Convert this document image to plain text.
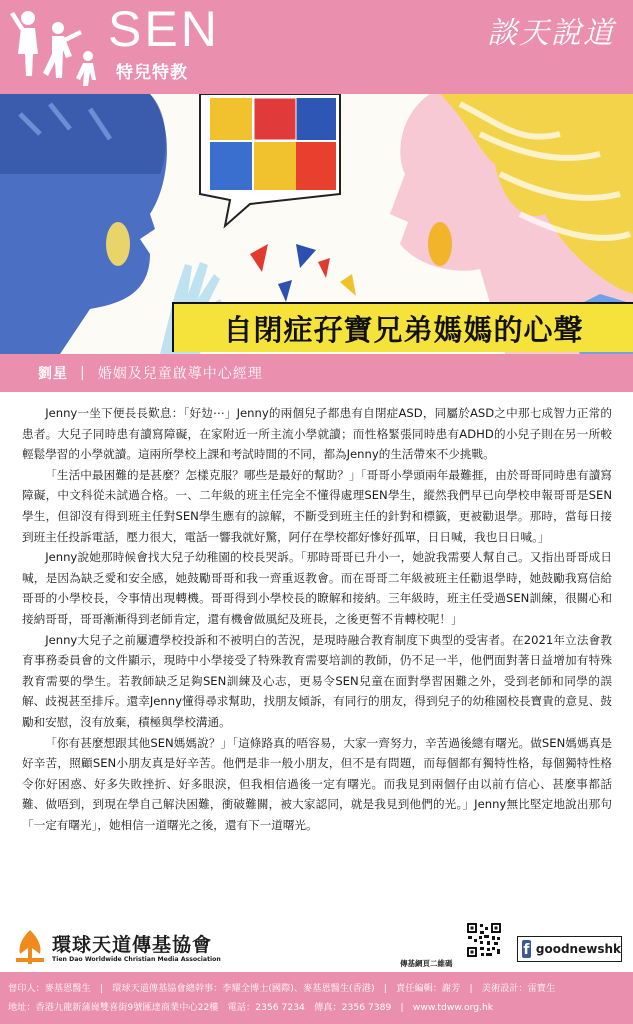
SEN
特兒特教
談天說道
自閉症孖寶兄弟媽媽的心聲
劉星 | 婚姻及兒童啟導中心經理

Jenny一坐下便長長歎息：「好攰⋯」Jenny的兩個兒子都患有自閉症ASD，同屬於ASD之中那七成智力正常的患者。大兒子同時患有讀寫障礙，在家附近一所主流小學就讀；而性格緊張同時患有ADHD的小兒子則在另一所較輕鬆學習的小學就讀。這兩所學校上課和考試時間的不同，都為Jenny的生活帶來不少挑戰。

「生活中最困難的是甚麼？怎樣克服？哪些是最好的幫助？」「哥哥小學頭兩年最難捱，由於哥哥同時患有讀寫障礙，中文科從未試過合格。一、二年級的班主任完全不懂得處理SEN學生，縱然我們早已向學校申報哥哥是SEN學生，但卻沒有得到班主任對SEN學生應有的諒解，不斷受到班主任的針對和標籤，更被勸退學。那時，當每日接到班主任投訴電話，壓力很大，電話一響我就好驚，阿仔在學校都好慘好孤單，日日喊，我也日日喊。」

Jenny說她那時候會找大兒子幼稚園的校長哭訴。「那時哥哥已升小一，她說我需要人幫自己。又指出哥哥成日喊，是因為缺乏愛和安全感，她鼓勵哥哥和我一齊重返教會。而在哥哥二年級被班主任勸退學時，她鼓勵我寫信給哥哥的小學校長，令事情出現轉機。哥哥得到小學校長的瞭解和接納。三年級時，班主任受過SEN訓練，很關心和接納哥哥，哥哥漸漸得到老師肯定，還有機會做風紀及班長，之後更誓不肯轉校呢！」

Jenny大兒子之前屢遭學校投訴和不被明白的苦況，是現時融合教育制度下典型的受害者。在2021年立法會教育事務委員會的文件顯示，現時中小學接受了特殊教育需要培訓的教師，仍不足一半，他們面對著日益增加有特殊教育需要的學生。若教師缺乏足夠SEN訓練及心志，更易令SEN兒童在面對學習困難之外，受到老師和同學的誤解、歧視甚至排斥。還幸Jenny懂得尋求幫助，找朋友傾訴，有同行的朋友，得到兒子的幼稚園校長寶貴的意見、鼓勵和安慰，沒有放棄，積極與學校溝通。

「你有甚麼想跟其他SEN媽媽說？」「這條路真的唔容易，大家一齊努力，辛苦過後總有曙光。做SEN媽媽真是好辛苦，照顧SEN小朋友真是好辛苦。他們是非一般小朋友，但不是有問題，而每個都有獨特性格，每個獨特性格令你好困惑、好多失敗挫折、好多眼淚，但我相信過後一定有曙光。而我見到兩個仔由以前冇信心、甚麼事都話難、做唔到，到現在學自己解決困難，衝破難關，被大家認同，就是我見到他們的光。」Jenny無比堅定地說出那句「一定有曙光」，她相信一道曙光之後，還有下一道曙光。

環球天道傳基協會
Tien Dao Worldwide Christian Media Association	傳基網頁二維碼
f goodnewshk
督印人：麥基恩醫生　|　環球天道傳基協會總幹事：李耀全博士(國際)、麥基恩醫生(香港)　|　責任編輯：謝芳　|　美術設計：雷寶生
地址：香港九龍新蒲崗雙喜街9號匯達商業中心22樓　電話：2356 7234　傳真：2356 7389　|　www.tdww.org.hk
